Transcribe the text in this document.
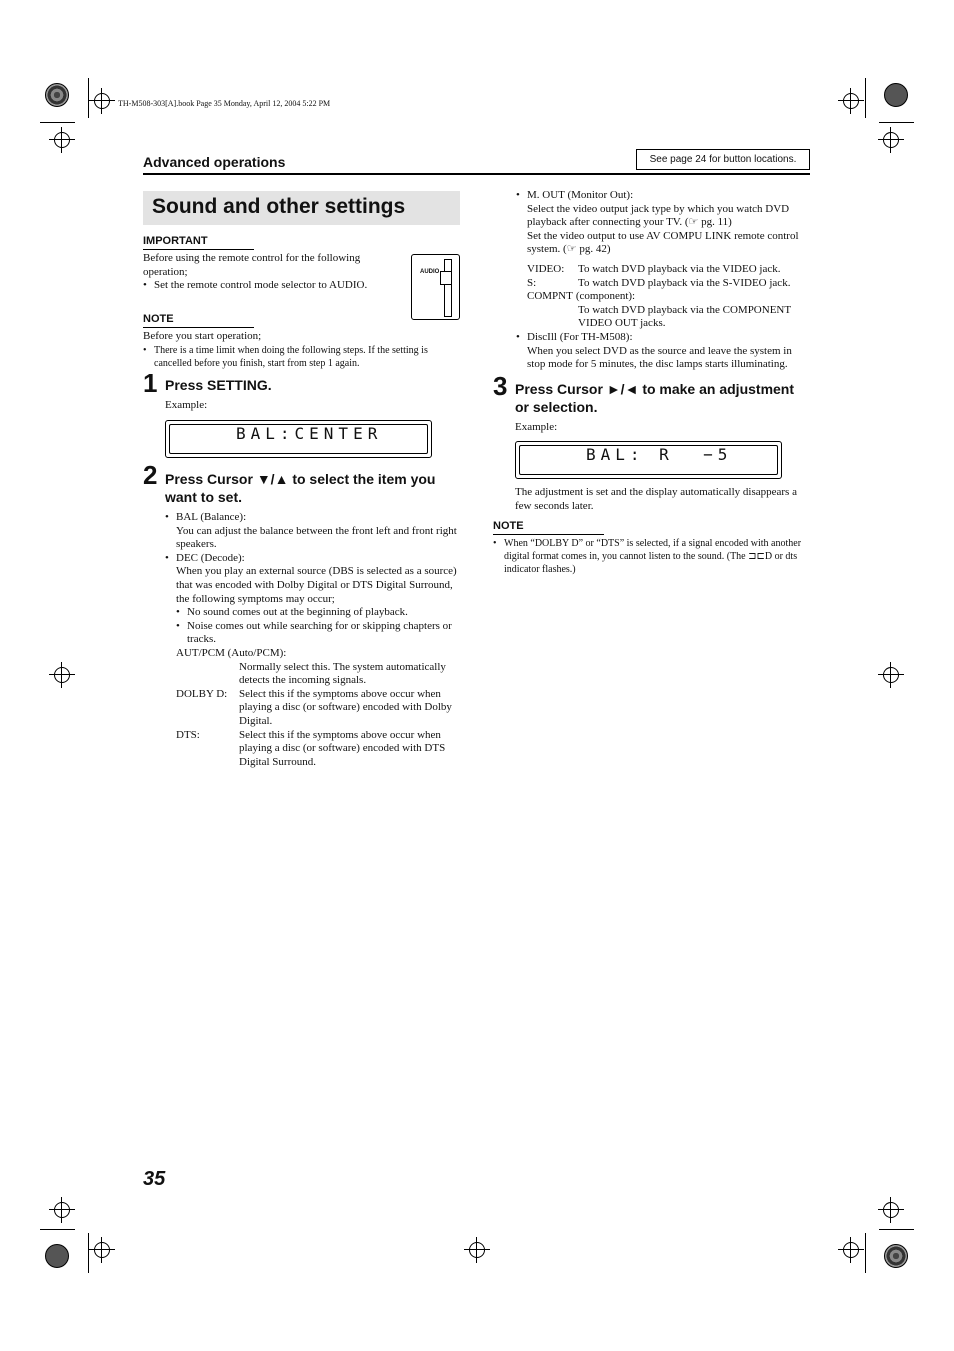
TH-M508-303[A].book Page 35 Monday, April 12, 2004 5:22 PM
Advanced operations	See page 24 for button locations.
Sound and other settings
IMPORTANT
Before using the remote control for the following operation;
• Set the remote control mode selector to AUDIO.
AUDIO
NOTE
Before you start operation;
• There is a time limit when doing the following steps. If the setting is cancelled before you finish, start from step 1 again.
1 Press SETTING.
Example:
BAL:CENTER
2 Press Cursor ▼/▲ to select the item you want to set.
• BAL (Balance):
You can adjust the balance between the front left and front right speakers.
• DEC (Decode):
When you play an external source (DBS is selected as a source) that was encoded with Dolby Digital or DTS Digital Surround, the following symptoms may occur;
• No sound comes out at the beginning of playback.
• Noise comes out while searching for or skipping chapters or tracks.
AUT/PCM (Auto/PCM):
Normally select this. The system automatically detects the incoming signals.
DOLBY D:	Select this if the symptoms above occur when playing a disc (or software) encoded with Dolby Digital.
DTS:	Select this if the symptoms above occur when playing a disc (or software) encoded with DTS Digital Surround.
• M. OUT (Monitor Out):
Select the video output jack type by which you watch DVD playback after connecting your TV. (☞ pg. 11)
Set the video output to use AV COMPU LINK remote control system. (☞ pg. 42)
VIDEO:	To watch DVD playback via the VIDEO jack.
S:	To watch DVD playback via the S-VIDEO jack.
COMPNT (component):
To watch DVD playback via the COMPONENT VIDEO OUT jacks.
• DiscIll (For TH-M508):
When you select DVD as the source and leave the system in stop mode for 5 minutes, the disc lamps starts illuminating.
3 Press Cursor ►/◄ to make an adjustment or selection.
Example:
BAL: R  −5
The adjustment is set and the display automatically disappears a few seconds later.
NOTE
• When “DOLBY D” or “DTS” is selected, if a signal encoded with another digital format comes in, you cannot listen to the sound. (The ⊐⊏D or dts indicator flashes.)
35
